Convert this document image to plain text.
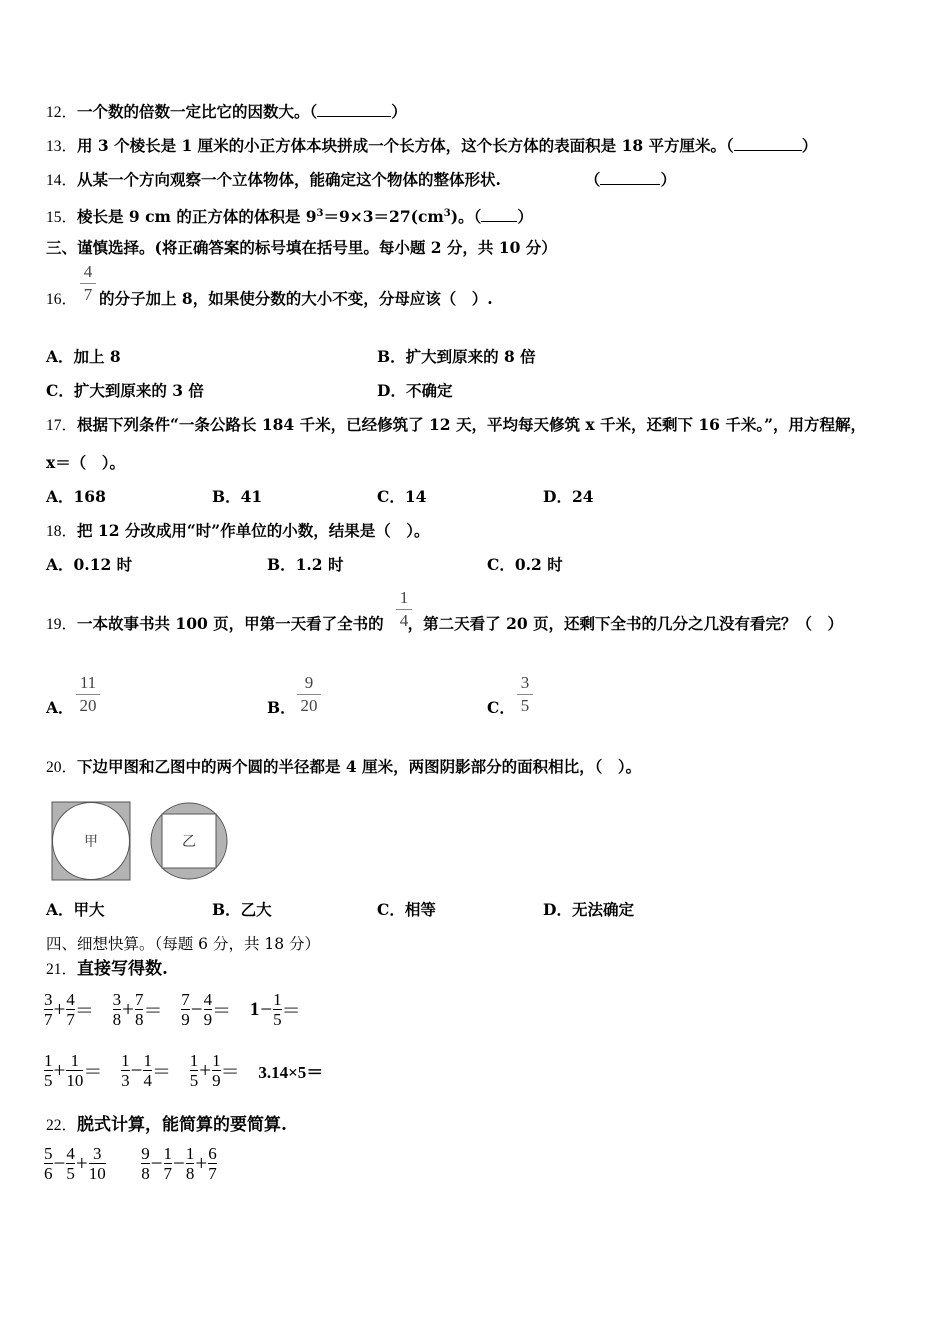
12．一个数的倍数一定比它的因数大。（	）
13．用 3 个棱长是 1 厘米的小正方体本块拼成一个长方体，这个长方体的表面积是 18 平方厘米。（	）
14．从某一个方向观察一个立体物体，能确定这个物体的整体形状.	（	）
15．棱长是 9 cm 的正方体的体积是 $9^3=9\times 3=27(cm^3)$。（ ）
三、谨慎选择。(将正确答案的标号填在括号里。每小题 2 分，共 10 分）
4
7
16． 的分子加上 8，如果使分数的大小不变，分母应该（　）.
A．加上 8	B．扩大到原来的 8 倍
C．扩大到原来的 3 倍	D．不确定
17．根据下列条件“一条公路长 184 千米，已经修筑了 12 天，平均每天修筑 x 千米，还剩下 16 千米。”，用方程解，
x＝（　）。
A．168	B．41	C．14	D．24
18．把 12 分改成用“时”作单位的小数，结果是（　）。
A．0.12 时	B．1.2 时	C．0.2 时
19．一本故事书共 100 页，甲第一天看了全书的 ，第二天看了 20 页，还剩下全书的几分之几没有看完？（　）
1
4
A．
11
20	B．
9
20	C．
3
5
20．下边甲图和乙图中的两个圆的半径都是 4 厘米，两图阴影部分的面积相比，（　）。
甲	乙
A．甲大	B．乙大	C．相等	D．无法确定
四、细想快算。（每题 6 分，共 18 分）
21．直接写得数.
$\frac{3}{7} + \frac{4}{7} = \frac{3}{8} + \frac{7}{8} = \frac{7}{9} - \frac{4}{9} = 1- \frac{1}{5}$ ＝
$\frac{1}{5} + \frac{1}{10} = \frac{1}{3} - \frac{1}{4} = \frac{1}{5} + \frac{1}{9} = 3.14\times 5=$
22．脱式计算，能简算的要简算.
$\frac{5}{6} - \frac{4}{5} + \frac{3}{10}$
$\frac{9}{8} - \frac{1}{7} - \frac{1}{8} + \frac{6}{7}$
